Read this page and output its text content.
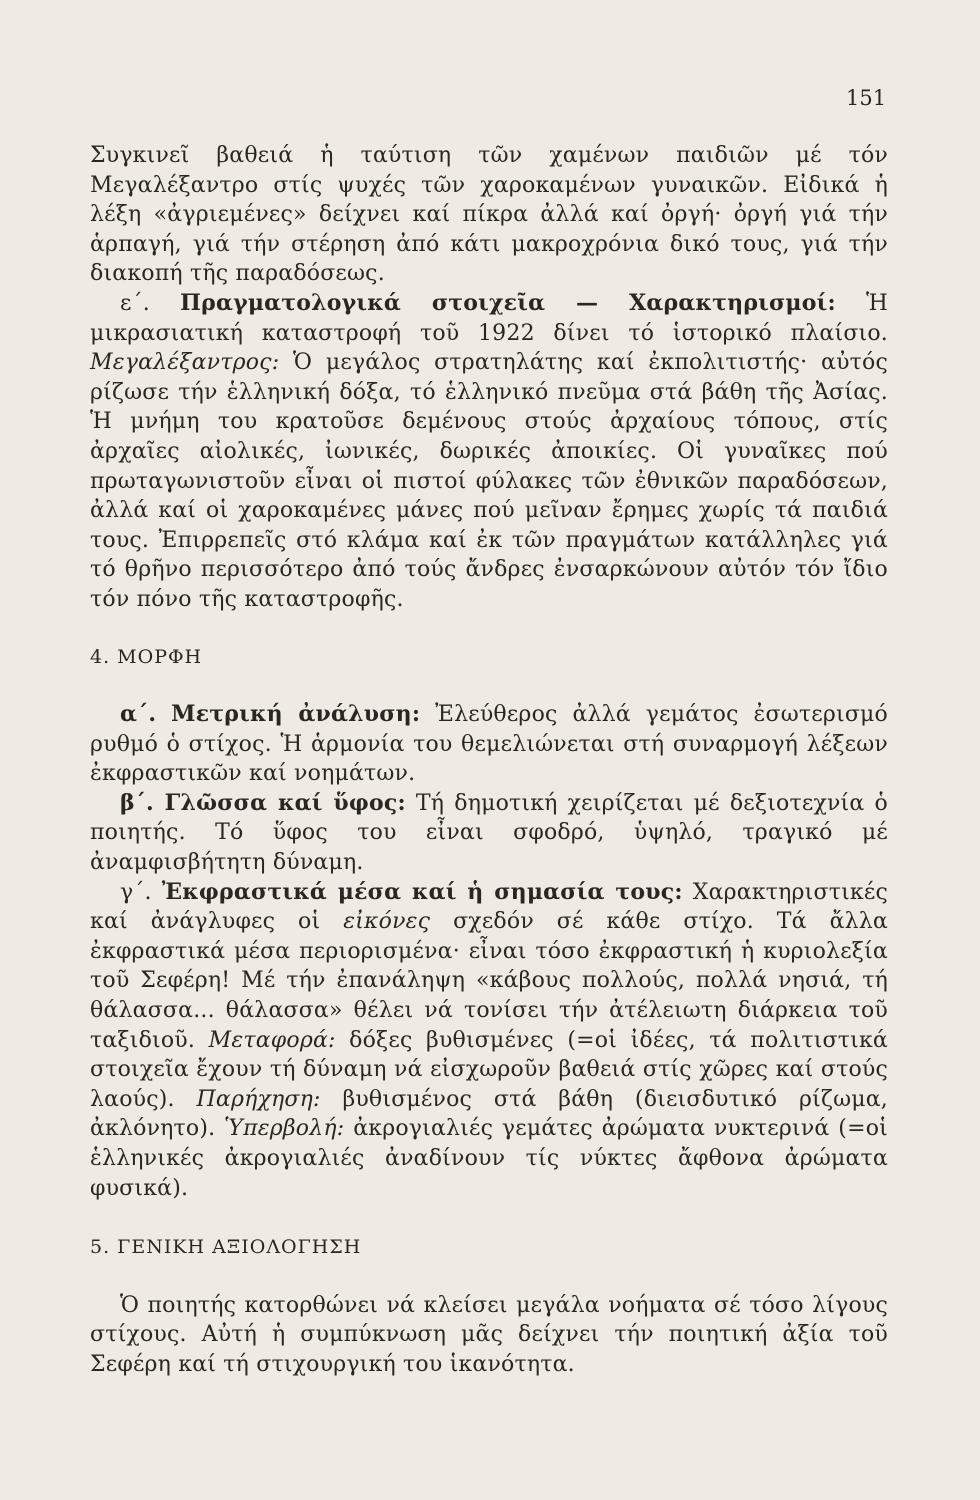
151

Συγκινεῖ βαθειά ἡ ταύτιση τῶν χαμένων παιδιῶν μέ τόν Μεγαλέξαντρο στίς ψυχές τῶν χαροκαμένων γυναικῶν. Εἰδικά ἡ λέξη «ἀγριεμένες» δείχνει καί πίκρα ἀλλά καί ὀργή· ὀργή γιά τήν ἁρπαγή, γιά τήν στέρηση ἀπό κάτι μακροχρόνια δικό τους, γιά τήν διακοπή τῆς παραδόσεως.

ε΄. Πραγματολογικά στοιχεῖα — Χαρακτηρισμοί: Ἡ μικρασιατική καταστροφή τοῦ 1922 δίνει τό ἱστορικό πλαίσιο. Μεγαλέξαντρος: Ὁ μεγάλος στρατηλάτης καί ἐκπολιτιστής· αὐτός ρίζωσε τήν ἑλληνική δόξα, τό ἑλληνικό πνεῦμα στά βάθη τῆς Ἀσίας. Ἡ μνήμη του κρατοῦσε δεμένους στούς ἀρχαίους τόπους, στίς ἀρχαῖες αἰολικές, ἰωνικές, δωρικές ἀποικίες. Οἱ γυναῖκες πού πρωταγωνιστοῦν εἶναι οἱ πιστοί φύλακες τῶν ἐθνικῶν παραδόσεων, ἀλλά καί οἱ χαροκαμένες μάνες πού μεῖναν ἔρημες χωρίς τά παιδιά τους. Ἐπιρρεπεῖς στό κλάμα καί ἐκ τῶν πραγμάτων κατάλληλες γιά τό θρῆνο περισσότερο ἀπό τούς ἄνδρες ἐνσαρκώνουν αὐτόν τόν ἴδιο τόν πόνο τῆς καταστροφῆς.

4. ΜΟΡΦΗ

α΄. Μετρική ἀνάλυση: Ἐλεύθερος ἀλλά γεμάτος ἐσωτερισμό ρυθμό ὁ στίχος. Ἡ ἁρμονία του θεμελιώνεται στή συναρμογή λέξεων ἐκφραστικῶν καί νοημάτων.

β΄. Γλῶσσα καί ὕφος: Τή δημοτική χειρίζεται μέ δεξιοτεχνία ὁ ποιητής. Τό ὕφος του εἶναι σφοδρό, ὑψηλό, τραγικό μέ ἀναμφισβήτητη δύναμη.

γ΄. Ἐκφραστικά μέσα καί ἡ σημασία τους: Χαρακτηριστικές καί ἀνάγλυφες οἱ εἰκόνες σχεδόν σέ κάθε στίχο. Τά ἄλλα ἐκφραστικά μέσα περιορισμένα· εἶναι τόσο ἐκφραστική ἡ κυριολεξία τοῦ Σεφέρη! Μέ τήν ἐπανάληψη «κάβους πολλούς, πολλά νησιά, τή θάλασσα... θάλασσα» θέλει νά τονίσει τήν ἀτέλειωτη διάρκεια τοῦ ταξιδιοῦ. Μεταφορά: δόξες βυθισμένες (=οἱ ἰδέες, τά πολιτιστικά στοιχεῖα ἔχουν τή δύναμη νά εἰσχωροῦν βαθειά στίς χῶρες καί στούς λαούς). Παρήχηση: βυθισμένος στά βάθη (διεισδυτικό ρίζωμα, ἀκλόνητο). Ὑπερβολή: ἀκρογιαλιές γεμάτες ἀρώματα νυκτερινά (=οἱ ἑλληνικές ἀκρογιαλιές ἀναδίνουν τίς νύκτες ἄφθονα ἀρώματα φυσικά).

5. ΓΕΝΙΚΗ ΑΞΙΟΛΟΓΗΣΗ

Ὁ ποιητής κατορθώνει νά κλείσει μεγάλα νοήματα σέ τόσο λίγους στίχους. Αὐτή ἡ συμπύκνωση μᾶς δείχνει τήν ποιητική ἀξία τοῦ Σεφέρη καί τή στιχουργική του ἱκανότητα.
